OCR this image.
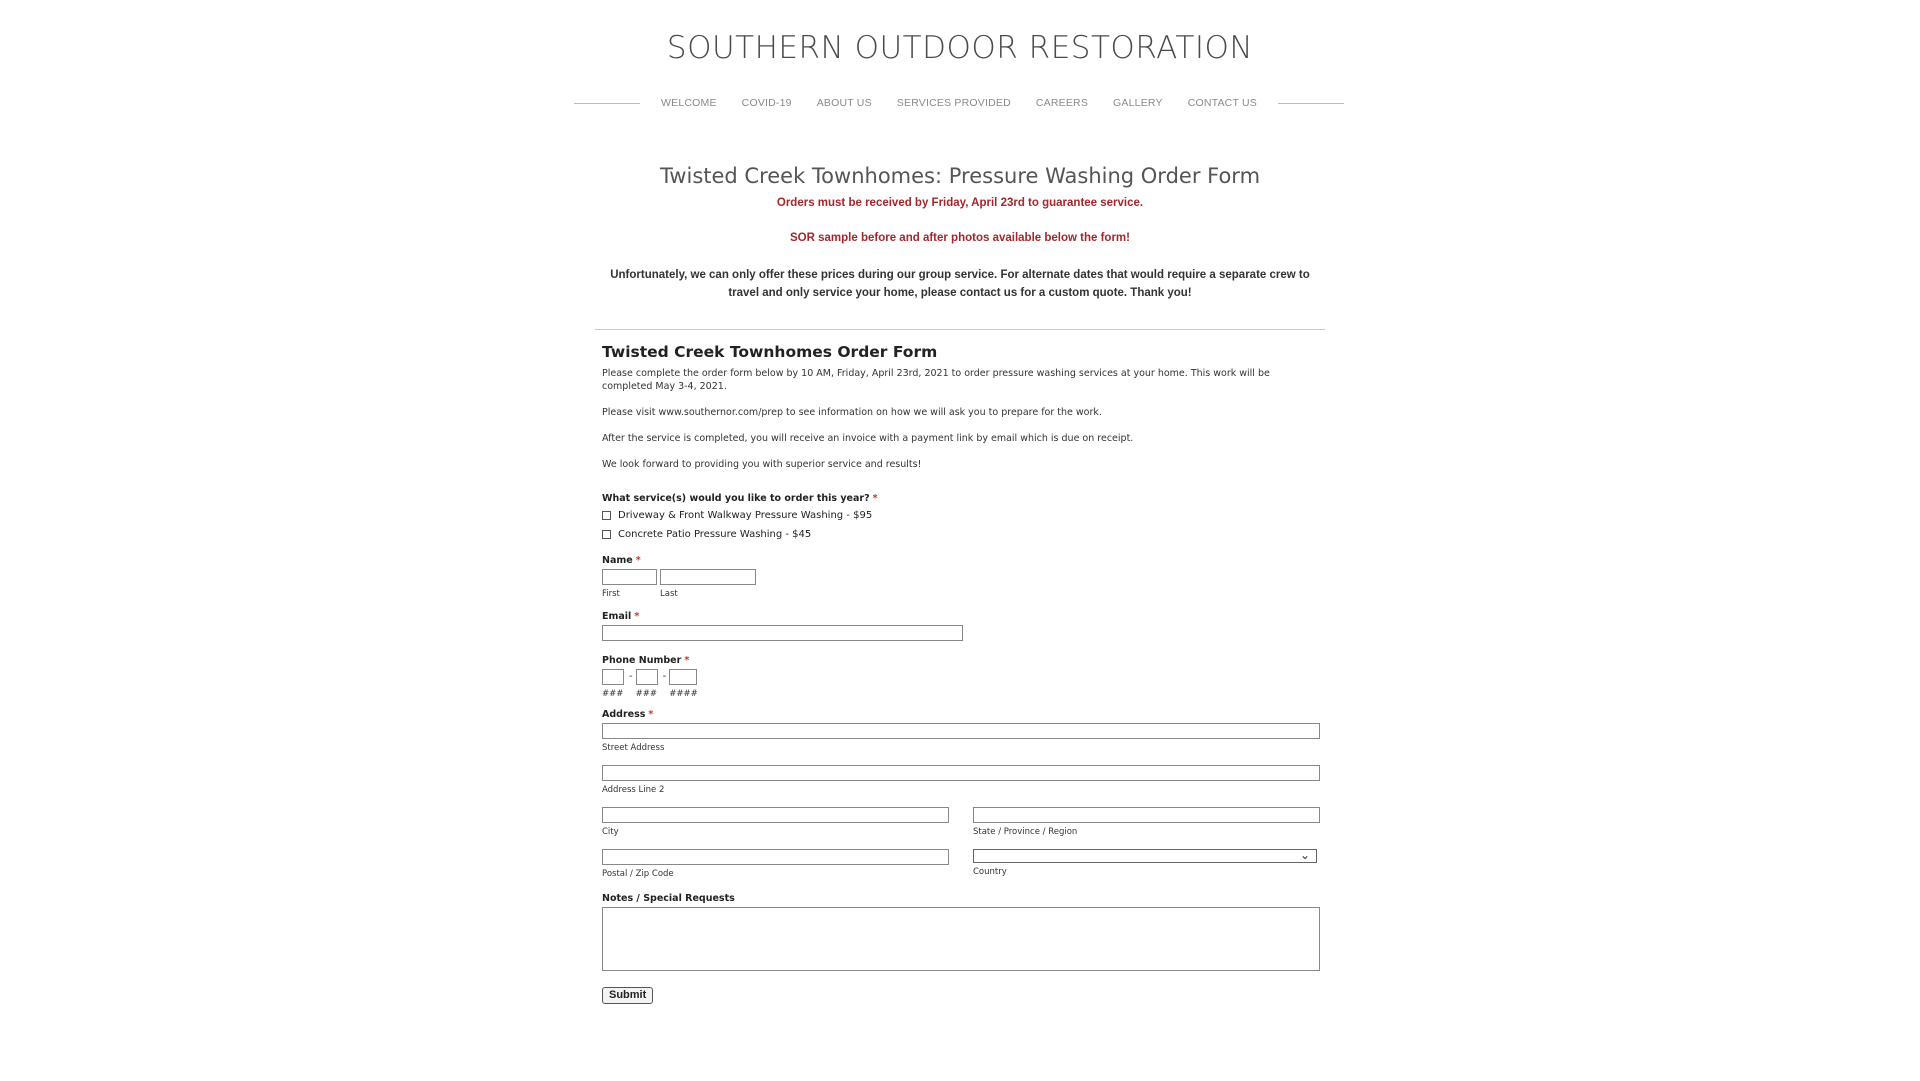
SOUTHERN OUTDOOR RESTORATION
WELCOME COVID-19 ABOUT US SERVICES PROVIDED CAREERS GALLERY CONTACT US
Twisted Creek Townhomes: Pressure Washing Order Form
Orders must be received by Friday, April 23rd to guarantee service.
SOR sample before and after photos available below the form!
Unfortunately, we can only offer these prices during our group service. For alternate dates that would require a separate crew to travel and only service your home, please contact us for a custom quote. Thank you!
Twisted Creek Townhomes Order Form
Please complete the order form below by 10 AM, Friday, April 23rd, 2021 to order pressure washing services at your home. This work will be completed May 3-4, 2021.
Please visit www.southernor.com/prep to see information on how we will ask you to prepare for the work.
After the service is completed, you will receive an invoice with a payment link by email which is due on receipt.
We look forward to providing you with superior service and results!
What service(s) would you like to order this year? *
Driveway & Front Walkway Pressure Washing - $95
Concrete Patio Pressure Washing - $45
Name *
First	Last
Email *
Phone Number *
###
-
###
-
####
Address *
Street Address
Address Line 2
City	State / Province / Region
Postal / Zip Code
⌄
Country
Notes / Special Requests
Submit
